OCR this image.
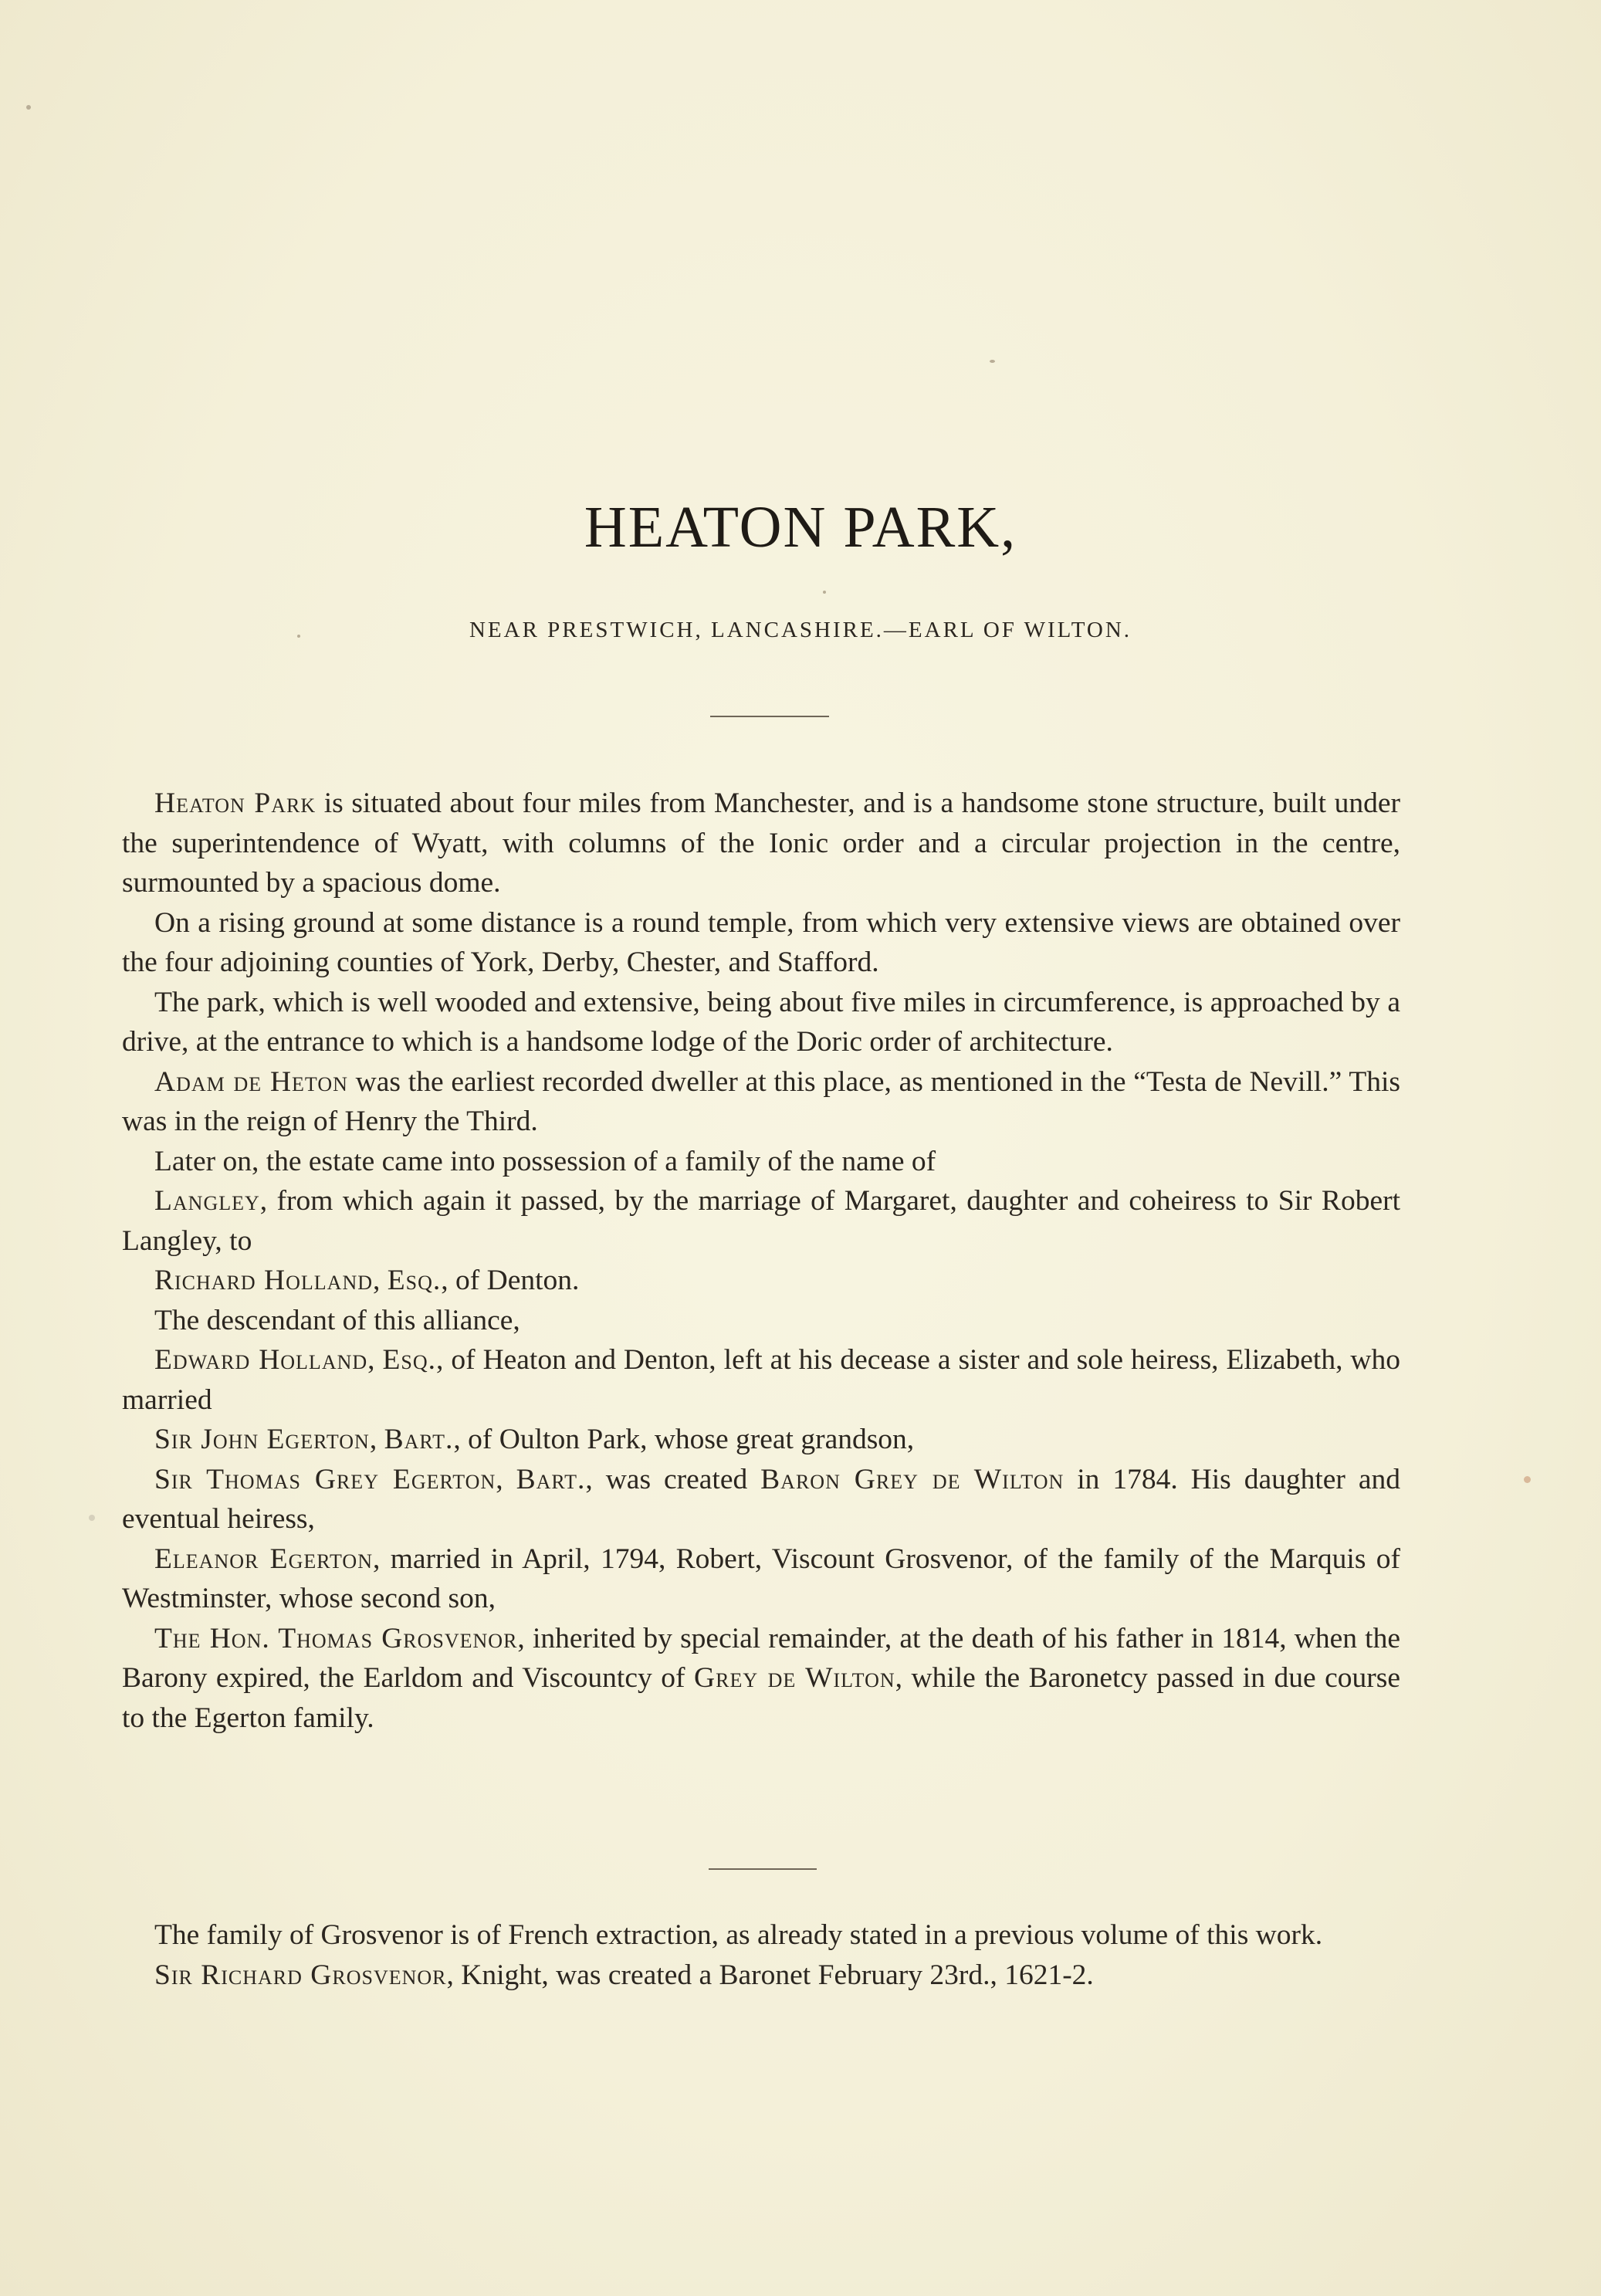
HEATON PARK,
NEAR PRESTWICH, LANCASHIRE.—EARL OF WILTON.

Heaton Park is situated about four miles from Manchester, and is a handsome stone structure, built under the superintendence of Wyatt, with columns of the Ionic order and a circular projection in the centre, surmounted by a spacious dome.

On a rising ground at some distance is a round temple, from which very extensive views are obtained over the four adjoining counties of York, Derby, Chester, and Stafford.

The park, which is well wooded and extensive, being about five miles in circumference, is approached by a drive, at the entrance to which is a handsome lodge of the Doric order of architecture.

Adam de Heton was the earliest recorded dweller at this place, as mentioned in the “Testa de Nevill.” This was in the reign of Henry the Third.

Later on, the estate came into possession of a family of the name of

Langley, from which again it passed, by the marriage of Margaret, daughter and coheiress to Sir Robert Langley, to

Richard Holland, Esq., of Denton.

The descendant of this alliance,

Edward Holland, Esq., of Heaton and Denton, left at his decease a sister and sole heiress, Elizabeth, who married

Sir John Egerton, Bart., of Oulton Park, whose great grandson,

Sir Thomas Grey Egerton, Bart., was created Baron Grey de Wilton in 1784. His daughter and eventual heiress,

Eleanor Egerton, married in April, 1794, Robert, Viscount Grosvenor, of the family of the Marquis of Westminster, whose second son,

The Hon. Thomas Grosvenor, inherited by special remainder, at the death of his father in 1814, when the Barony expired, the Earldom and Viscountcy of Grey de Wilton, while the Baronetcy passed in due course to the Egerton family.

The family of Grosvenor is of French extraction, as already stated in a previous volume of this work.

Sir Richard Grosvenor, Knight, was created a Baronet February 23rd., 1621-2.
